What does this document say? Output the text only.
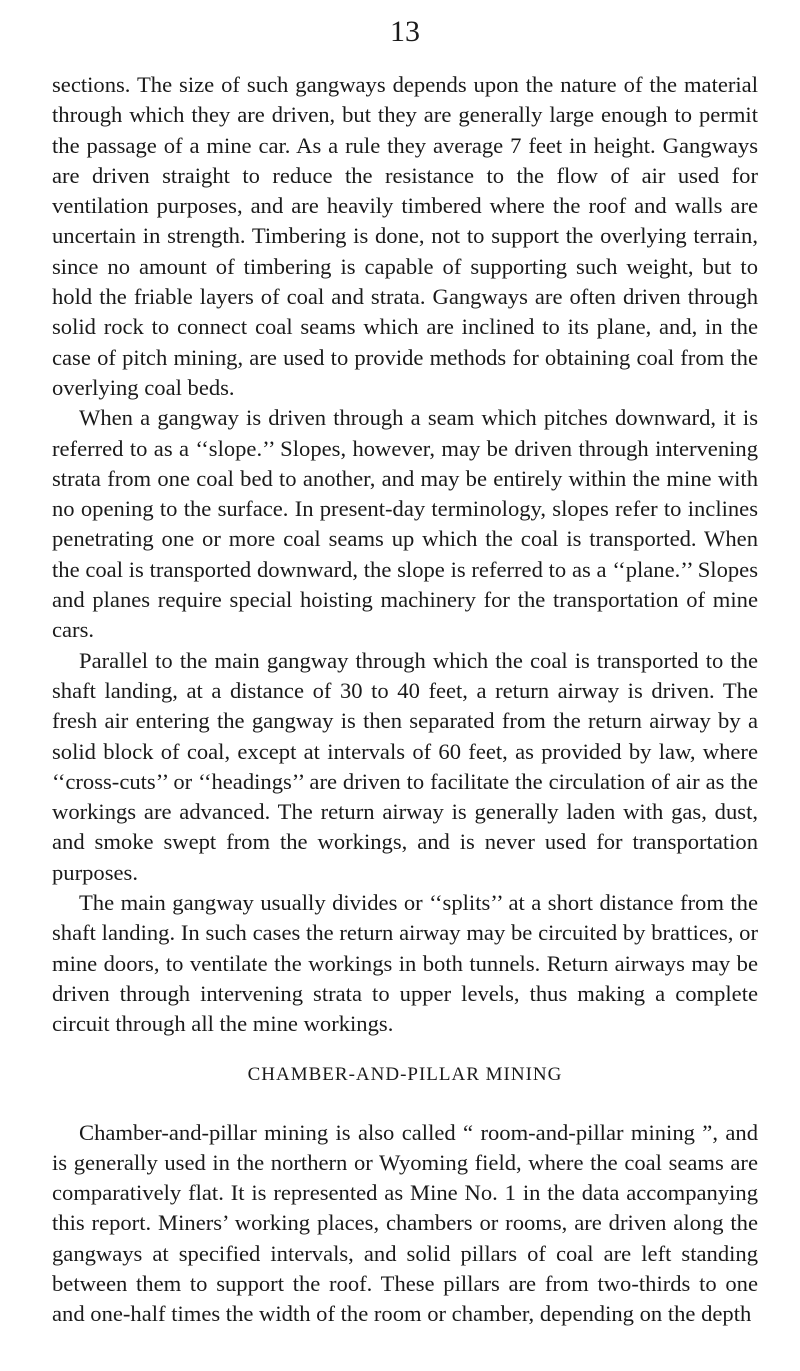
13

sections. The size of such gangways depends upon the nature of the material through which they are driven, but they are generally large enough to permit the passage of a mine car. As a rule they average 7 feet in height. Gangways are driven straight to reduce the resistance to the flow of air used for ventilation purposes, and are heavily timbered where the roof and walls are uncertain in strength. Timbering is done, not to support the overlying terrain, since no amount of timbering is capable of supporting such weight, but to hold the friable layers of coal and strata. Gangways are often driven through solid rock to connect coal seams which are inclined to its plane, and, in the case of pitch mining, are used to provide methods for obtaining coal from the overlying coal beds.

When a gangway is driven through a seam which pitches downward, it is referred to as a ‘‘slope.’’ Slopes, however, may be driven through intervening strata from one coal bed to another, and may be entirely within the mine with no opening to the surface. In present-day terminology, slopes refer to inclines penetrating one or more coal seams up which the coal is transported. When the coal is transported downward, the slope is referred to as a ‘‘plane.’’ Slopes and planes require special hoisting machinery for the transportation of mine cars.

Parallel to the main gangway through which the coal is transported to the shaft landing, at a distance of 30 to 40 feet, a return airway is driven. The fresh air entering the gangway is then separated from the return airway by a solid block of coal, except at intervals of 60 feet, as provided by law, where ‘‘cross-cuts’’ or ‘‘headings’’ are driven to facilitate the circulation of air as the workings are advanced. The return airway is generally laden with gas, dust, and smoke swept from the workings, and is never used for transportation purposes.

The main gangway usually divides or ‘‘splits’’ at a short distance from the shaft landing. In such cases the return airway may be circuited by brattices, or mine doors, to ventilate the workings in both tunnels. Return airways may be driven through intervening strata to upper levels, thus making a complete circuit through all the mine workings.

CHAMBER-AND-PILLAR MINING

Chamber-and-pillar mining is also called “ room-and-pillar mining ”, and is generally used in the northern or Wyoming field, where the coal seams are comparatively flat. It is represented as Mine No. 1 in the data accompanying this report. Miners’ working places, chambers or rooms, are driven along the gangways at specified intervals, and solid pillars of coal are left standing between them to support the roof. These pillars are from two-thirds to one and one-half times the width of the room or chamber, depending on the depth
